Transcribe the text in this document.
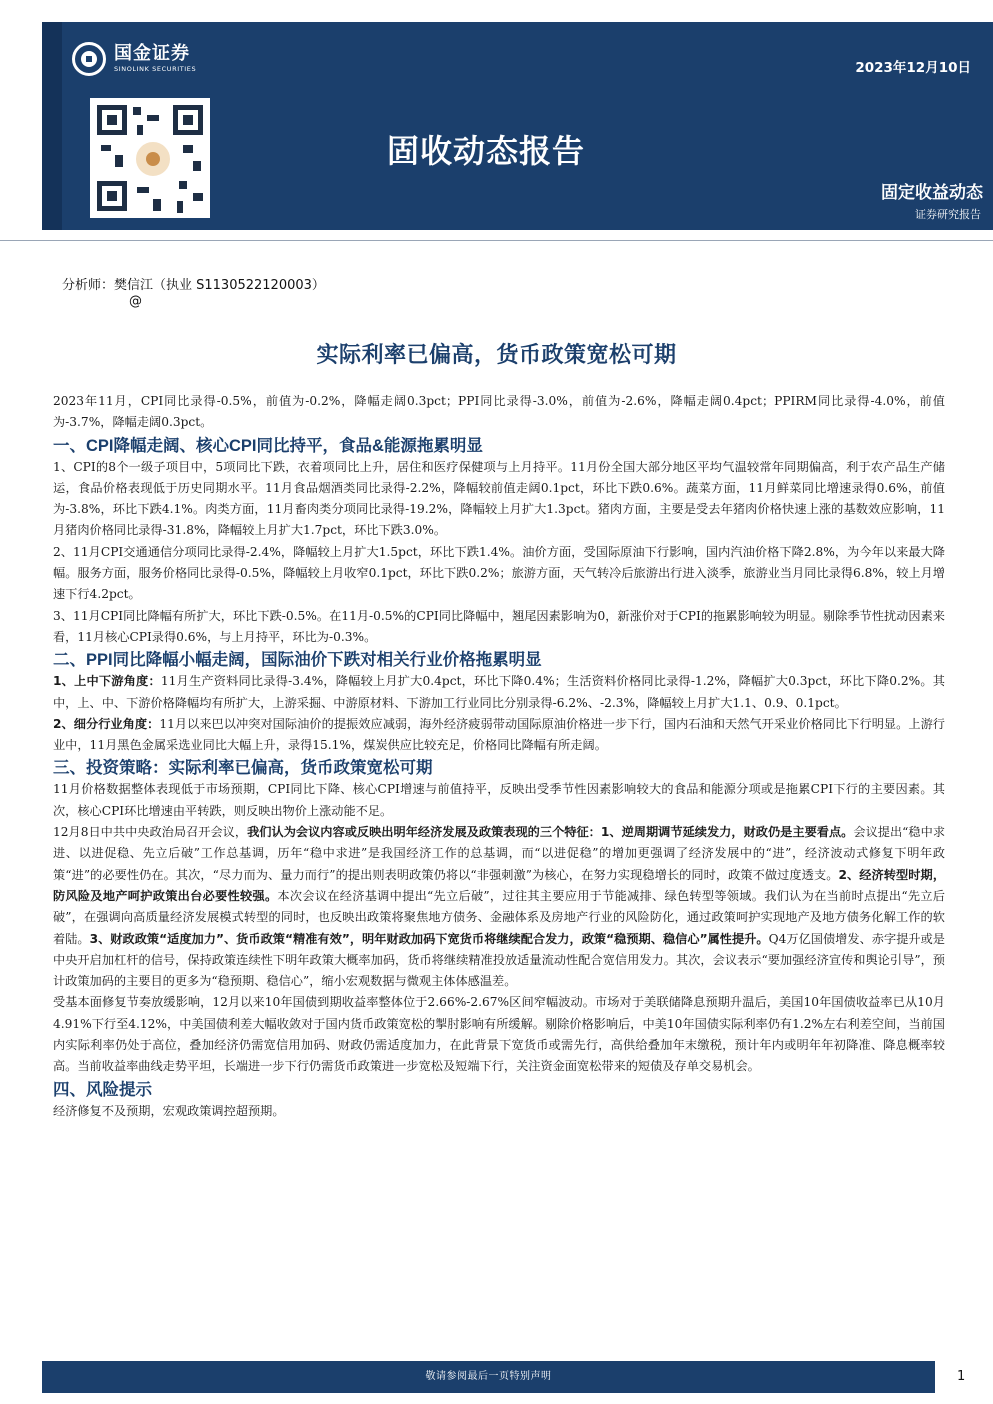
国金证券
SINOLINK SECURITIES	2023年12月10日
固收动态报告
固定收益动态
证券研究报告
分析师：樊信江（执业 S1130522120003）
@
实际利率已偏高，货币政策宽松可期

2023年11月，CPI同比录得-0.5%，前值为-0.2%，降幅走阔0.3pct；PPI同比录得-3.0%，前值为-2.6%，降幅走阔0.4pct；PPIRM同比录得-4.0%，前值为-3.7%，降幅走阔0.3pct。

一、CPI降幅走阔、核心CPI同比持平，食品&能源拖累明显

1、CPI的8个一级子项目中，5项同比下跌，衣着项同比上升，居住和医疗保健项与上月持平。11月份全国大部分地区平均气温较常年同期偏高，利于农产品生产储运，食品价格表现低于历史同期水平。11月食品烟酒类同比录得-2.2%，降幅较前值走阔0.1pct，环比下跌0.6%。蔬菜方面，11月鲜菜同比增速录得0.6%，前值为-3.8%，环比下跌4.1%。肉类方面，11月畜肉类分项同比录得-19.2%，降幅较上月扩大1.3pct。猪肉方面，主要是受去年猪肉价格快速上涨的基数效应影响，11月猪肉价格同比录得-31.8%，降幅较上月扩大1.7pct，环比下跌3.0%。

2、11月CPI交通通信分项同比录得-2.4%，降幅较上月扩大1.5pct，环比下跌1.4%。油价方面，受国际原油下行影响，国内汽油价格下降2.8%，为今年以来最大降幅。服务方面，服务价格同比录得-0.5%，降幅较上月收窄0.1pct，环比下跌0.2%；旅游方面，天气转冷后旅游出行进入淡季，旅游业当月同比录得6.8%，较上月增速下行4.2pct。

3、11月CPI同比降幅有所扩大，环比下跌-0.5%。在11月-0.5%的CPI同比降幅中，翘尾因素影响为0，新涨价对于CPI的拖累影响较为明显。剔除季节性扰动因素来看，11月核心CPI录得0.6%，与上月持平，环比为-0.3%。

二、PPI同比降幅小幅走阔，国际油价下跌对相关行业价格拖累明显

1、上中下游角度：11月生产资料同比录得-3.4%，降幅较上月扩大0.4pct，环比下降0.4%；生活资料价格同比录得-1.2%，降幅扩大0.3pct，环比下降0.2%。其中，上、中、下游价格降幅均有所扩大，上游采掘、中游原材料、下游加工行业同比分别录得-6.2%、-2.3%，降幅较上月扩大1.1、0.9、0.1pct。

2、细分行业角度：11月以来巴以冲突对国际油价的提振效应减弱，海外经济疲弱带动国际原油价格进一步下行，国内石油和天然气开采业价格同比下行明显。上游行业中，11月黑色金属采选业同比大幅上升，录得15.1%，煤炭供应比较充足，价格同比降幅有所走阔。

三、投资策略：实际利率已偏高，货币政策宽松可期

11月价格数据整体表现低于市场预期，CPI同比下降、核心CPI增速与前值持平，反映出受季节性因素影响较大的食品和能源分项或是拖累CPI下行的主要因素。其次，核心CPI环比增速由平转跌，则反映出物价上涨动能不足。

12月8日中共中央政治局召开会议，我们认为会议内容或反映出明年经济发展及政策表现的三个特征：1、逆周期调节延续发力，财政仍是主要看点。会议提出“稳中求进、以进促稳、先立后破”工作总基调，历年“稳中求进”是我国经济工作的总基调，而“以进促稳”的增加更强调了经济发展中的“进”，经济波动式修复下明年政策“进”的必要性仍在。其次，“尽力而为、量力而行”的提出则表明政策仍将以“非强刺激”为核心，在努力实现稳增长的同时，政策不做过度透支。2、经济转型时期，防风险及地产呵护政策出台必要性较强。本次会议在经济基调中提出“先立后破”，过往其主要应用于节能减排、绿色转型等领域。我们认为在当前时点提出“先立后破”，在强调向高质量经济发展模式转型的同时，也反映出政策将聚焦地方债务、金融体系及房地产行业的风险防化，通过政策呵护实现地产及地方债务化解工作的软着陆。3、财政政策“适度加力”、货币政策“精准有效”，明年财政加码下宽货币将继续配合发力，政策“稳预期、稳信心”属性提升。Q4万亿国债增发、赤字提升或是中央开启加杠杆的信号，保持政策连续性下明年政策大概率加码，货币将继续精准投放适量流动性配合宽信用发力。其次，会议表示“要加强经济宣传和舆论引导”，预计政策加码的主要目的更多为“稳预期、稳信心”，缩小宏观数据与微观主体体感温差。

受基本面修复节奏放缓影响，12月以来10年国债到期收益率整体位于2.66%-2.67%区间窄幅波动。市场对于美联储降息预期升温后，美国10年国债收益率已从10月4.91%下行至4.12%，中美国债利差大幅收敛对于国内货币政策宽松的掣肘影响有所缓解。剔除价格影响后，中美10年国债实际利率仍有1.2%左右利差空间，当前国内实际利率仍处于高位，叠加经济仍需宽信用加码、财政仍需适度加力，在此背景下宽货币或需先行，高供给叠加年末缴税，预计年内或明年年初降准、降息概率较高。当前收益率曲线走势平坦，长端进一步下行仍需货币政策进一步宽松及短端下行，关注资金面宽松带来的短债及存单交易机会。

四、风险提示

经济修复不及预期，宏观政策调控超预期。

敬请参阅最后一页特别声明	1
